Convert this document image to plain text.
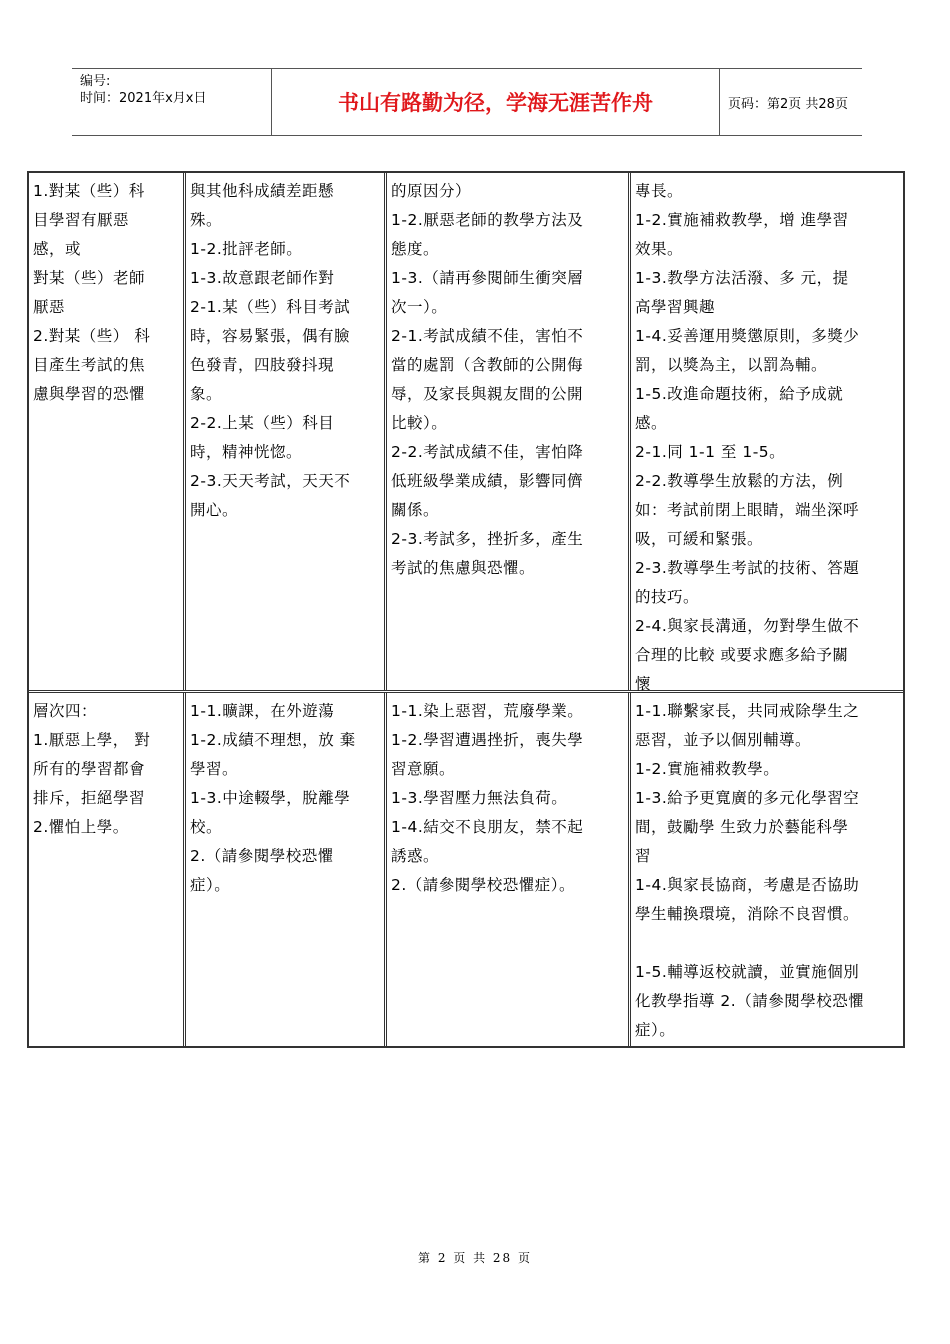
编号:
时间：2021年x月x日	书山有路勤为径，学海无涯苦作舟	页码：第2页 共28页
1.對某（些）科
目學習有厭惡
感，或
對某（些）老師
厭惡
2.對某（些） 科
目產生考試的焦
慮與學習的恐懼
與其他科成績差距懸
殊。
1-2.批評老師。
1-3.故意跟老師作對
2-1.某（些）科目考試
時，容易緊張，偶有臉
色發青，四肢發抖現
象。
2-2.上某（些）科目
時，精神恍惚。
2-3.天天考試，天天不
開心。
的原因分）
1-2.厭惡老師的教學方法及
態度。
1-3.（請再參閱師生衝突層
次一）。
2-1.考試成績不佳，害怕不
當的處罰（含教師的公開侮
辱，及家長與親友間的公開
比較）。
2-2.考試成績不佳，害怕降
低班級學業成績，影響同儕
關係。
2-3.考試多，挫折多，產生
考試的焦慮與恐懼。
專長。
1-2.實施補救教學，增 進學習
效果。
1-3.教學方法活潑、多 元，提
高學習興趣
1-4.妥善運用獎懲原則，多獎少
罰，以獎為主，以罰為輔。
1-5.改進命題技術，給予成就
感。
2-1.同 1-1 至 1-5。
2-2.教導學生放鬆的方法，例
如：考試前閉上眼睛，端坐深呼
吸，可緩和緊張。
2-3.教導學生考試的技術、答題
的技巧。
2-4.與家長溝通，勿對學生做不
合理的比較 或要求應多給予關
懷
層次四：
1.厭惡上學， 對
所有的學習都會
排斥，拒絕學習
2.懼怕上學。
1-1.曠課，在外遊蕩
1-2.成績不理想，放 棄
學習。
1-3.中途輟學，脫離學
校。
2.（請參閱學校恐懼
症）。
1-1.染上惡習，荒廢學業。
1-2.學習遭遇挫折，喪失學
習意願。
1-3.學習壓力無法負荷。
1-4.結交不良朋友，禁不起
誘惑。
2.（請參閱學校恐懼症）。
1-1.聯繫家長，共同戒除學生之
惡習，並予以個別輔導。
1-2.實施補救教學。
1-3.給予更寬廣的多元化學習空
間，鼓勵學 生致力於藝能科學
習
1-4.與家長協商，考慮是否協助
學生輔換環境，消除不良習慣。
1-5.輔導返校就讀，並實施個別
化教學指導 2.（請參閱學校恐懼
症）。
第 2 页 共 28 页
